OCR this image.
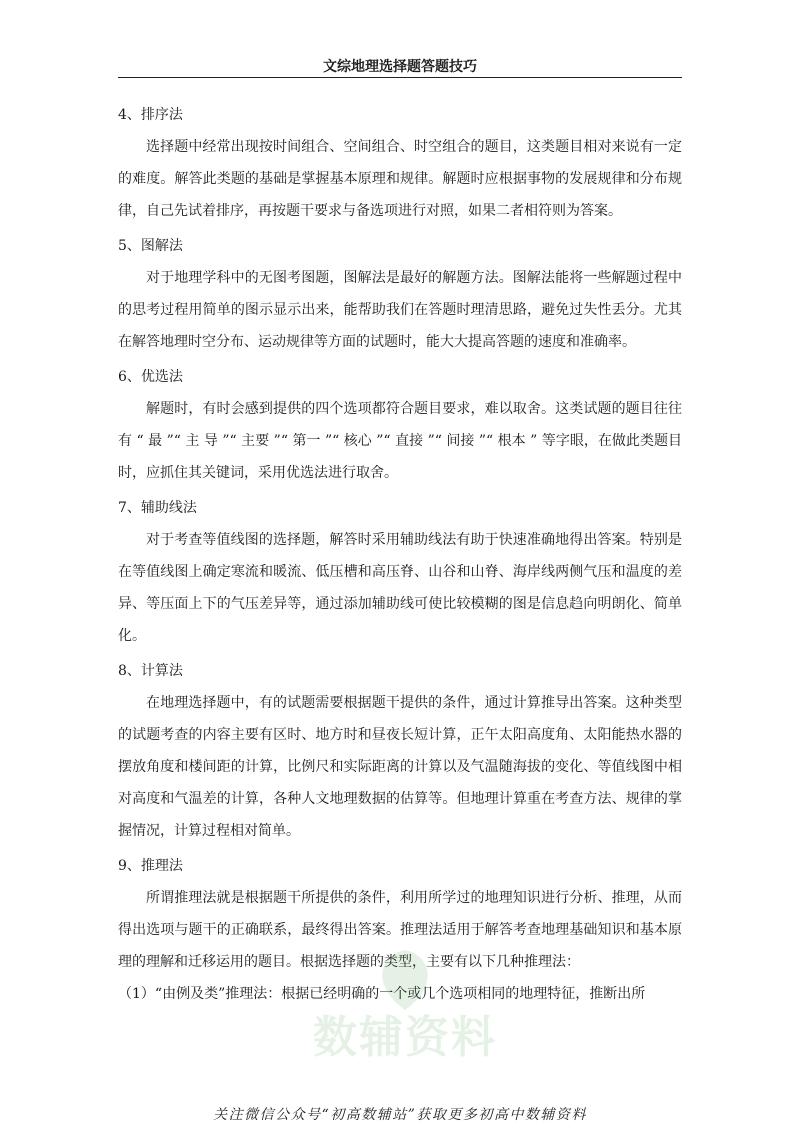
文综地理选择题答题技巧
4、排序法
选择题中经常出现按时间组合、空间组合、时空组合的题目，这类题目相对来说有一定的难度。解答此类题的基础是掌握基本原理和规律。解题时应根据事物的发展规律和分布规律，自己先试着排序，再按题干要求与备选项进行对照，如果二者相符则为答案。
5、图解法
对于地理学科中的无图考图题，图解法是最好的解题方法。图解法能将一些解题过程中的思考过程用简单的图示显示出来，能帮助我们在答题时理清思路，避免过失性丢分。尤其在解答地理时空分布、运动规律等方面的试题时，能大大提高答题的速度和准确率。
6、优选法
解题时，有时会感到提供的四个选项都符合题目要求，难以取舍。这类试题的题目往往有 “ 最 ”“ 主 导 ”“ 主要 ”“ 第一 ”“ 核心 ”“ 直接 ”“ 间接 ”“ 根本 ” 等字眼，在做此类题目时，应抓住其关键词，采用优选法进行取舍。
7、辅助线法
对于考查等值线图的选择题，解答时采用辅助线法有助于快速准确地得出答案。特别是在等值线图上确定寒流和暖流、低压槽和高压脊、山谷和山脊、海岸线两侧气压和温度的差异、等压面上下的气压差异等，通过添加辅助线可使比较模糊的图是信息趋向明朗化、简单化。
8、计算法
在地理选择题中，有的试题需要根据题干提供的条件，通过计算推导出答案。这种类型的试题考查的内容主要有区时、地方时和昼夜长短计算，正午太阳高度角、太阳能热水器的摆放角度和楼间距的计算，比例尺和实际距离的计算以及气温随海拔的变化、等值线图中相对高度和气温差的计算，各种人文地理数据的估算等。但地理计算重在考查方法、规律的掌握情况，计算过程相对简单。
9、推理法
所谓推理法就是根据题干所提供的条件，利用所学过的地理知识进行分析、推理，从而得出选项与题干的正确联系，最终得出答案。推理法适用于解答考查地理基础知识和基本原理的理解和迁移运用的题目。根据选择题的类型，主要有以下几种推理法：
（1）“由例及类”推理法：根据已经明确的一个或几个选项相同的地理特征，推断出所
数辅资料
关注微信公众号“初高数辅站”获取更多初高中数辅资料
